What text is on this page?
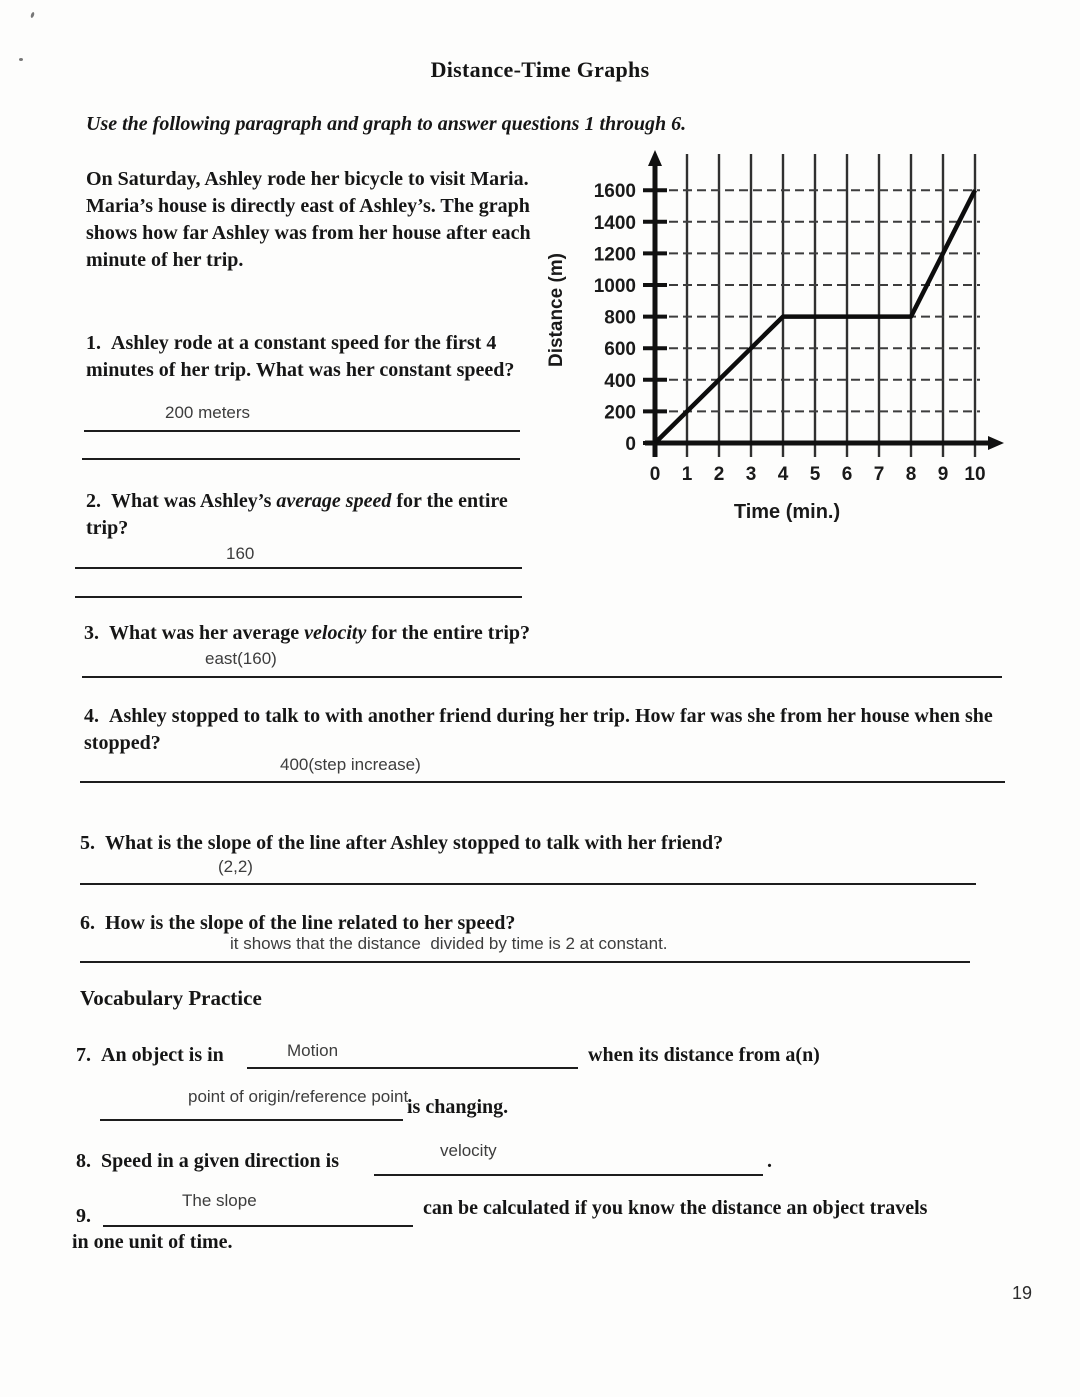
Distance-Time Graphs
Use the following paragraph and graph to answer questions 1 through 6.
On Saturday, Ashley rode her bicycle to visit Maria. Maria’s house is directly east of Ashley’s. The graph shows how far Ashley was from her house after each minute of her trip.
0
200
400
600
800
1000
1200
1400
1600
0 1 2 3 4 5 6 7 8 9 10
Distance (m)
Time (min.)
1. Ashley rode at a constant speed for the first 4 minutes of her trip. What was her constant speed?
200 meters
2. What was Ashley’s average speed for the entire trip?
160
3. What was her average velocity for the entire trip?
east(160)
4. Ashley stopped to talk to with another friend during her trip. How far was she from her house when she stopped?
400(step increase)
5. What is the slope of the line after Ashley stopped to talk with her friend?
(2,2)
6. How is the slope of the line related to her speed?
it shows that the distance  divided by time is 2 at constant.
Vocabulary Practice
7. An object is in	Motion	when its distance from a(n)
point of origin/reference point
is changing.
8. Speed in a given direction is	velocity	.
9.
The slope	can be calculated if you know the distance an object travels
in one unit of time.
19
